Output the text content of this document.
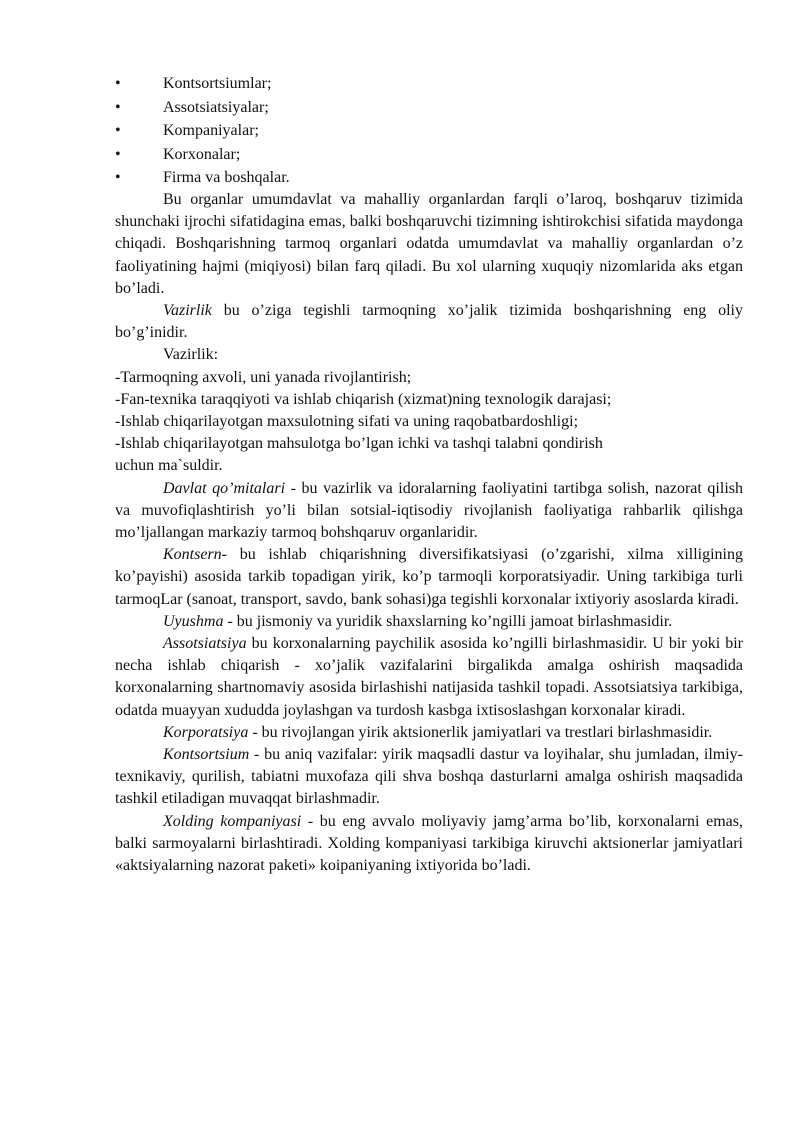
•	Kontsortsiumlar;
•	Assotsiatsiyalar;
•	Kompaniyalar;
•	Korxonalar;
•	Firma va boshqalar.

Bu organlar umumdavlat va mahalliy organlardan farqli o’laroq, boshqaruv tizimida shunchaki ijrochi sifatidagina emas, balki boshqaruvchi tizimning ishtirokchisi sifatida maydonga chiqadi. Boshqarishning tarmoq organlari odatda umumdavlat va mahalliy organlardan o’z faoliyatining hajmi (miqiyosi) bilan farq qiladi. Bu xol ularning xuquqiy nizomlarida aks etgan bo’ladi.

Vazirlik bu o’ziga tegishli tarmoqning xo’jalik tizimida boshqarishning eng oliy bo’g’inidir.

Vazirlik:

-Tarmoqning axvoli, uni yanada rivojlantirish;

-Fan-texnika taraqqiyoti va ishlab chiqarish (xizmat)ning texnologik darajasi;

-Ishlab chiqarilayotgan maxsulotning sifati va uning raqobatbardoshligi;

-Ishlab chiqarilayotgan mahsulotga bo’lgan ichki va tashqi talabni qondirish uchun ma`suldir.

Davlat qo’mitalari - bu vazirlik va idoralarning faoliyatini tartibga solish, nazorat qilish va muvofiqlashtirish yo’li bilan sotsial-iqtisodiy rivojlanish faoliyatiga rahbarlik qilishga mo’ljallangan markaziy tarmoq bohshqaruv organlaridir.

Kontsern- bu ishlab chiqarishning diversifikatsiyasi (o’zgarishi, xilma xilligining ko’payishi) asosida tarkib topadigan yirik, ko’p tarmoqli korporatsiyadir. Uning tarkibiga turli tarmoqLar (sanoat, transport, savdo, bank sohasi)ga tegishli korxonalar ixtiyoriy asoslarda kiradi.

Uyushma - bu jismoniy va yuridik shaxslarning ko’ngilli jamoat birlashmasidir.

Assotsiatsiya bu korxonalarning paychilik asosida ko’ngilli birlashmasidir. U bir yoki bir necha ishlab chiqarish - xo’jalik vazifalarini birgalikda amalga oshirish maqsadida korxonalarning shartnomaviy asosida birlashishi natijasida tashkil topadi. Assotsiatsiya tarkibiga, odatda muayyan xududda joylashgan va turdosh kasbga ixtisoslashgan korxonalar kiradi.

Korporatsiya - bu rivojlangan yirik aktsionerlik jamiyatlari va trestlari birlashmasidir.

Kontsortsium - bu aniq vazifalar: yirik maqsadli dastur va loyihalar, shu jumladan, ilmiy-texnikaviy, qurilish, tabiatni muxofaza qili shva boshqa dasturlarni amalga oshirish maqsadida tashkil etiladigan muvaqqat birlashmadir.

Xolding kompaniyasi - bu eng avvalo moliyaviy jamg’arma bo’lib, korxonalarni emas, balki sarmoyalarni birlashtiradi. Xolding kompaniyasi tarkibiga kiruvchi aktsionerlar jamiyatlari «aktsiyalarning nazorat paketi» koipaniyaning ixtiyorida bo’ladi.
